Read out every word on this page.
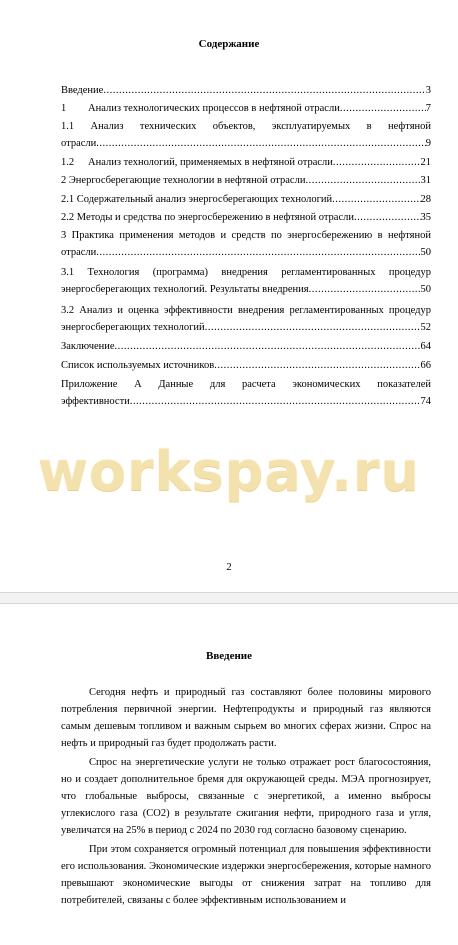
Содержание
Введение .....	3
1 Анализ технологических процессов в нефтяной отрасли .....	7
1.1 Анализ технических объектов, эксплуатируемых в нефтяной
отрасли .....	9
1.2 Анализ технологий, применяемых в нефтяной отрасли .....	21
2 Энергосберегающие технологии в нефтяной отрасли .....	31
2.1 Содержательный анализ энергосберегающих технологий .....	28
2.2 Методы и средства по энергосбережению в нефтяной отрасли .....	35
3 Практика применения методов и средств по энергосбережению в нефтяной
отрасли .....	50
3.1 Технология (программа) внедрения регламентированных процедур
энергосберегающих технологий. Результаты внедрения .....	50
3.2 Анализ и оценка эффективности внедрения регламентированных процедур
энергосберегающих технологий .....	52
Заключение .....	64
Список используемых источников .....	66
Приложение А Данные для расчета экономических показателей
эффективности .....	74
workspay.ru
2
Введение

Сегодня нефть и природный газ составляют более половины мирового потребления первичной энергии. Нефтепродукты и природный газ являются самым дешевым топливом и важным сырьем во многих сферах жизни. Спрос на нефть и природный газ будет продолжать расти.

Спрос на энергетические услуги не только отражает рост благосостояния, но и создает дополнительное бремя для окружающей среды. МЭА прогнозирует, что глобальные выбросы, связанные с энергетикой, а именно выбросы углекислого газа (СО2) в результате сжигания нефти, природного газа и угля, увеличатся на 25% в период с 2024 по 2030 год согласно базовому сценарию.

При этом сохраняется огромный потенциал для повышения эффективности его использования. Экономические издержки энергосбережения, которые намного превышают экономические выгоды от снижения затрат на топливо для потребителей, связаны с более эффективным использованием и
